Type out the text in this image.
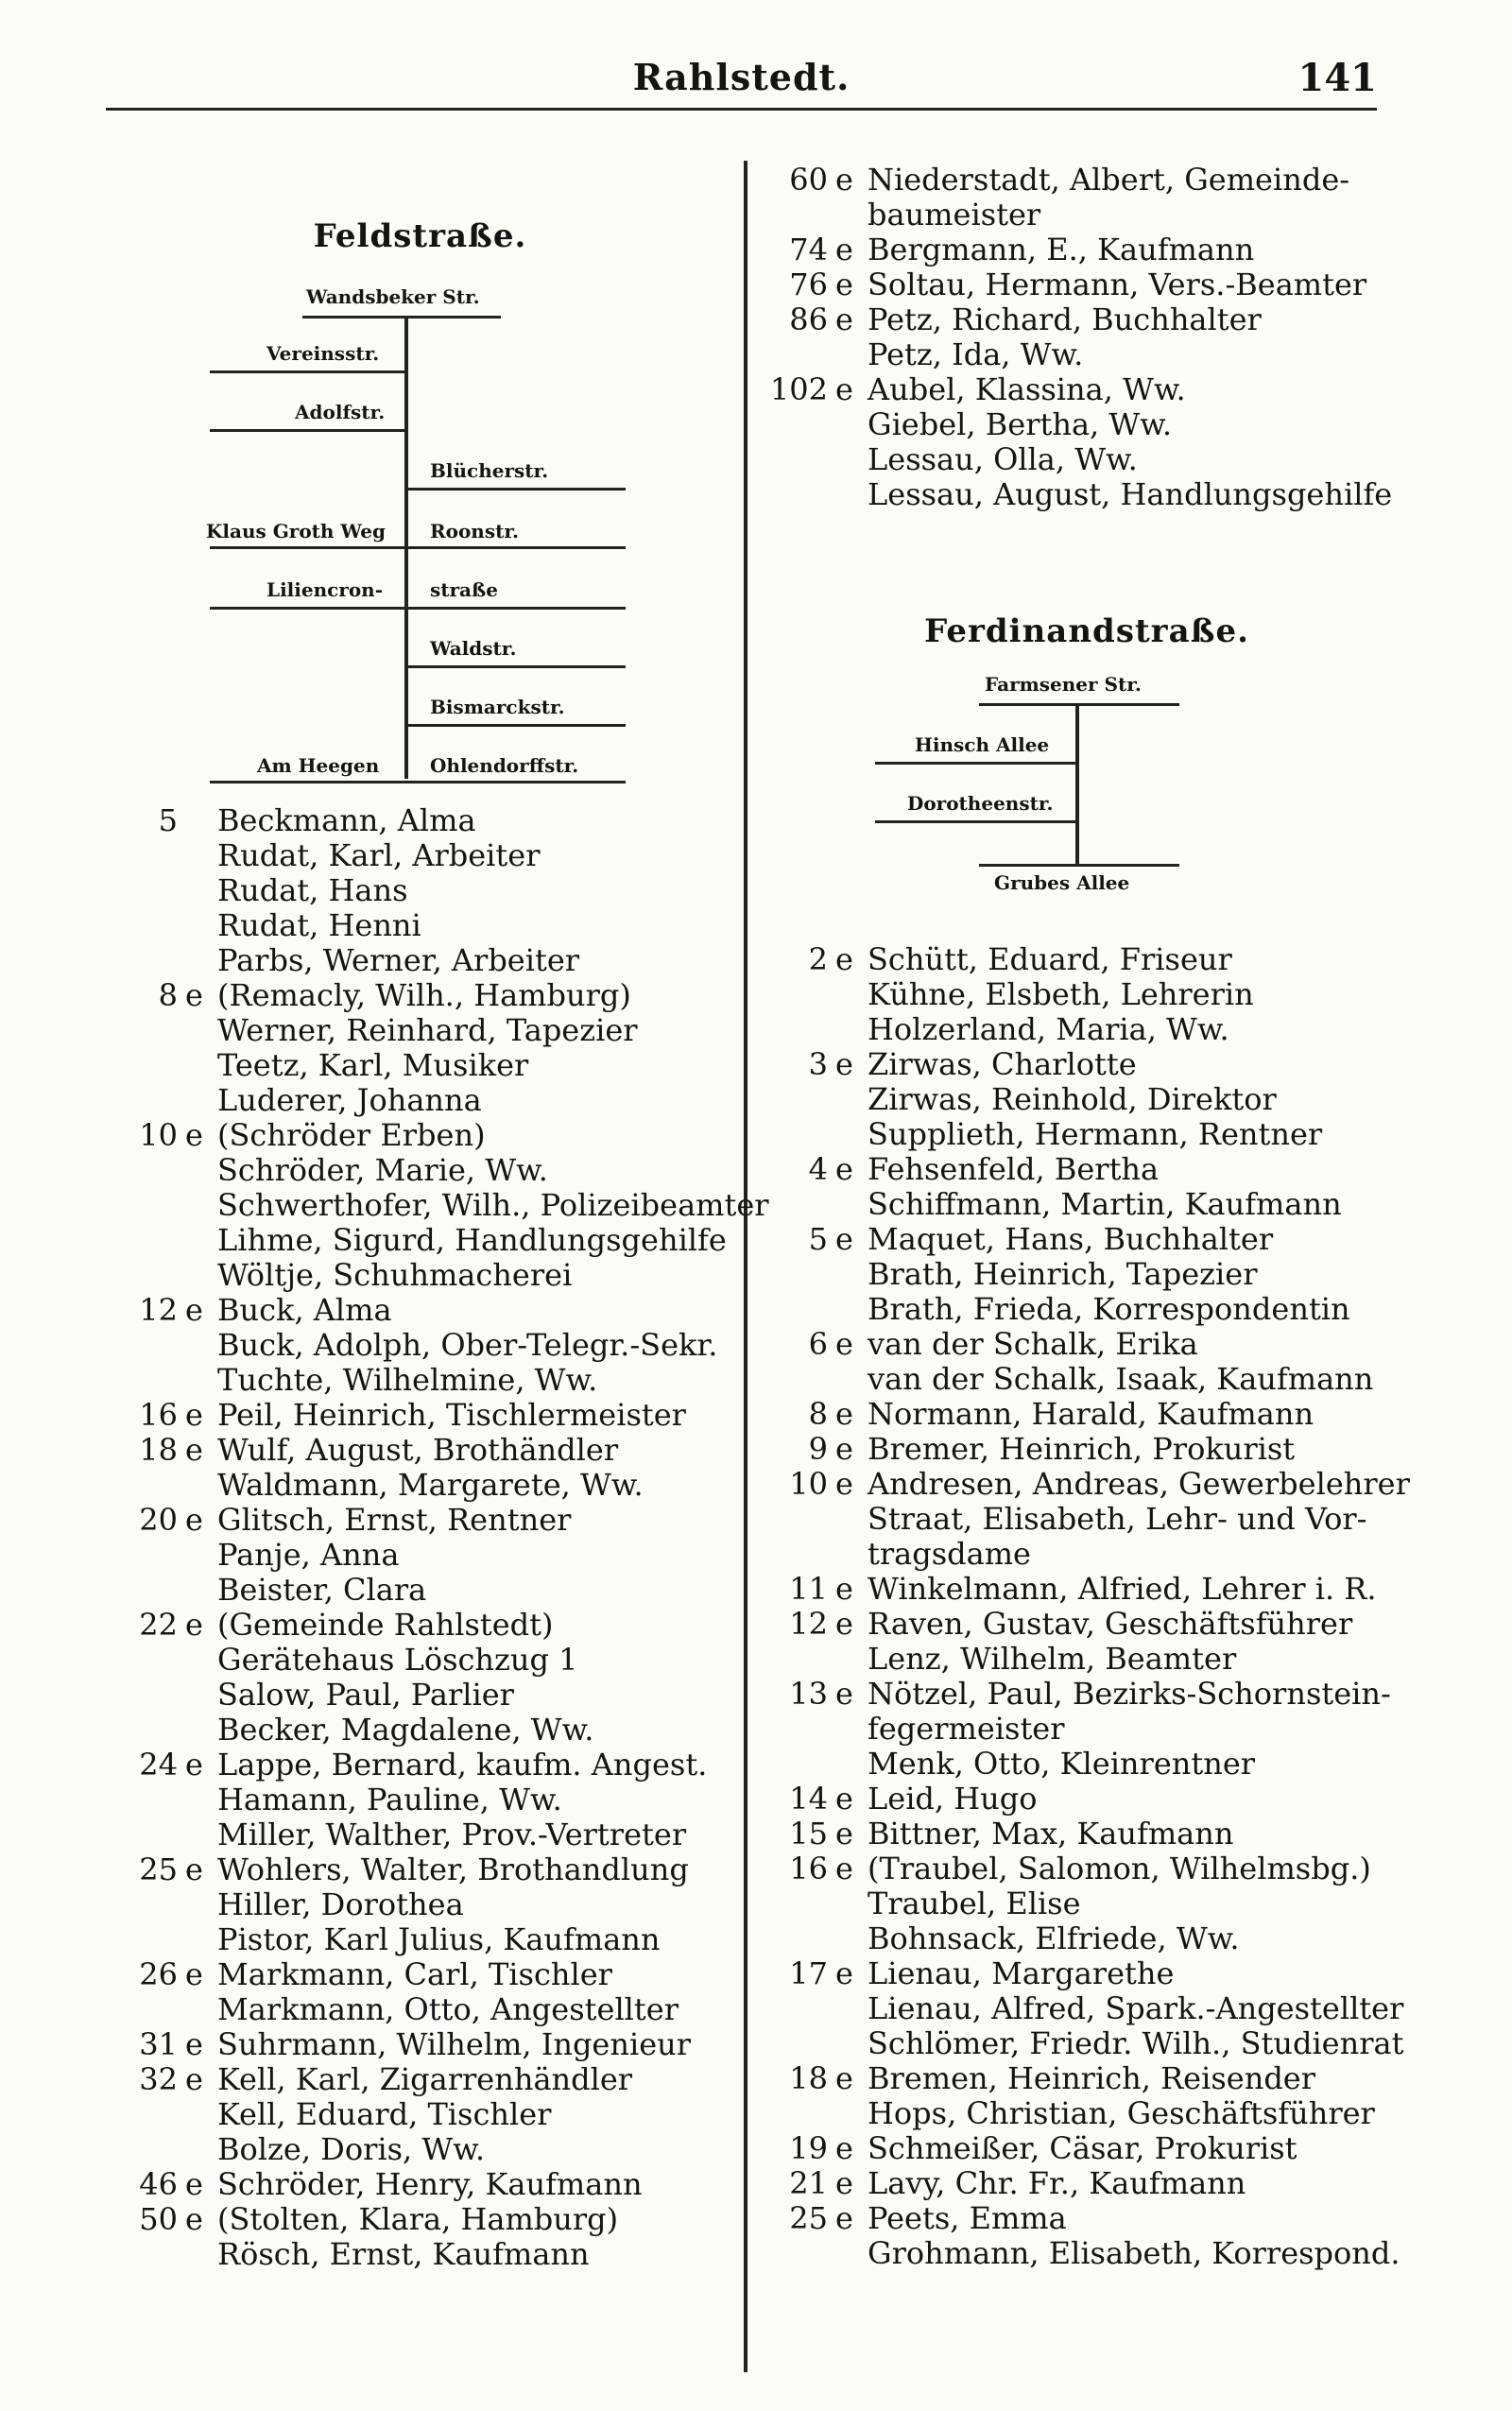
Rahlstedt.	141
Feldstraße.
Wandsbeker Str.
Vereinsstr.
Adolfstr.
Blücherstr.
Klaus Groth Weg Roonstr.
Liliencron- straße
Waldstr.
Bismarckstr.
Am Heegen	Ohlendorffstr.
5 Beckmann, Alma
Rudat, Karl, Arbeiter
Rudat, Hans
Rudat, Henni
Parbs, Werner, Arbeiter
8 e (Remacly, Wilh., Hamburg)
Werner, Reinhard, Tapezier
Teetz, Karl, Musiker
Luderer, Johanna
10 e (Schröder Erben)
Schröder, Marie, Ww.
Schwerthofer, Wilh., Polizeibeamter
Lihme, Sigurd, Handlungsgehilfe
Wöltje, Schuhmacherei
12 e Buck, Alma
Buck, Adolph, Ober-Telegr.-Sekr.
Tuchte, Wilhelmine, Ww.
16 e Peil, Heinrich, Tischlermeister
18 e Wulf, August, Brothändler
Waldmann, Margarete, Ww.
20 e Glitsch, Ernst, Rentner
Panje, Anna
Beister, Clara
22 e (Gemeinde Rahlstedt)
Gerätehaus Löschzug 1
Salow, Paul, Parlier
Becker, Magdalene, Ww.
24 e Lappe, Bernard, kaufm. Angest.
Hamann, Pauline, Ww.
Miller, Walther, Prov.-Vertreter
25 e Wohlers, Walter, Brothandlung
Hiller, Dorothea
Pistor, Karl Julius, Kaufmann
26 e Markmann, Carl, Tischler
Markmann, Otto, Angestellter
31 e Suhrmann, Wilhelm, Ingenieur
32 e Kell, Karl, Zigarrenhändler
Kell, Eduard, Tischler
Bolze, Doris, Ww.
46 e Schröder, Henry, Kaufmann
50 e (Stolten, Klara, Hamburg)
Rösch, Ernst, Kaufmann
60 e Niederstadt, Albert, Gemeinde-
baumeister
74 e Bergmann, E., Kaufmann
76 e Soltau, Hermann, Vers.-Beamter
86 e Petz, Richard, Buchhalter
Petz, Ida, Ww.
102 e Aubel, Klassina, Ww.
Giebel, Bertha, Ww.
Lessau, Olla, Ww.
Lessau, August, Handlungsgehilfe
Ferdinandstraße.
Farmsener Str.
Hinsch Allee
Dorotheenstr.
Grubes Allee
2 e Schütt, Eduard, Friseur
Kühne, Elsbeth, Lehrerin
Holzerland, Maria, Ww.
3 e Zirwas, Charlotte
Zirwas, Reinhold, Direktor
Supplieth, Hermann, Rentner
4 e Fehsenfeld, Bertha
Schiffmann, Martin, Kaufmann
5 e Maquet, Hans, Buchhalter
Brath, Heinrich, Tapezier
Brath, Frieda, Korrespondentin
6 e van der Schalk, Erika
van der Schalk, Isaak, Kaufmann
8 e Normann, Harald, Kaufmann
9 e Bremer, Heinrich, Prokurist
10 e Andresen, Andreas, Gewerbelehrer
Straat, Elisabeth, Lehr- und Vor-
tragsdame
11 e Winkelmann, Alfried, Lehrer i. R.
12 e Raven, Gustav, Geschäftsführer
Lenz, Wilhelm, Beamter
13 e Nötzel, Paul, Bezirks-Schornstein-
fegermeister
Menk, Otto, Kleinrentner
14 e Leid, Hugo
15 e Bittner, Max, Kaufmann
16 e (Traubel, Salomon, Wilhelmsbg.)
Traubel, Elise
Bohnsack, Elfriede, Ww.
17 e Lienau, Margarethe
Lienau, Alfred, Spark.-Angestellter
Schlömer, Friedr. Wilh., Studienrat
18 e Bremen, Heinrich, Reisender
Hops, Christian, Geschäftsführer
19 e Schmeißer, Cäsar, Prokurist
21 e Lavy, Chr. Fr., Kaufmann
25 e Peets, Emma
Grohmann, Elisabeth, Korrespond.
